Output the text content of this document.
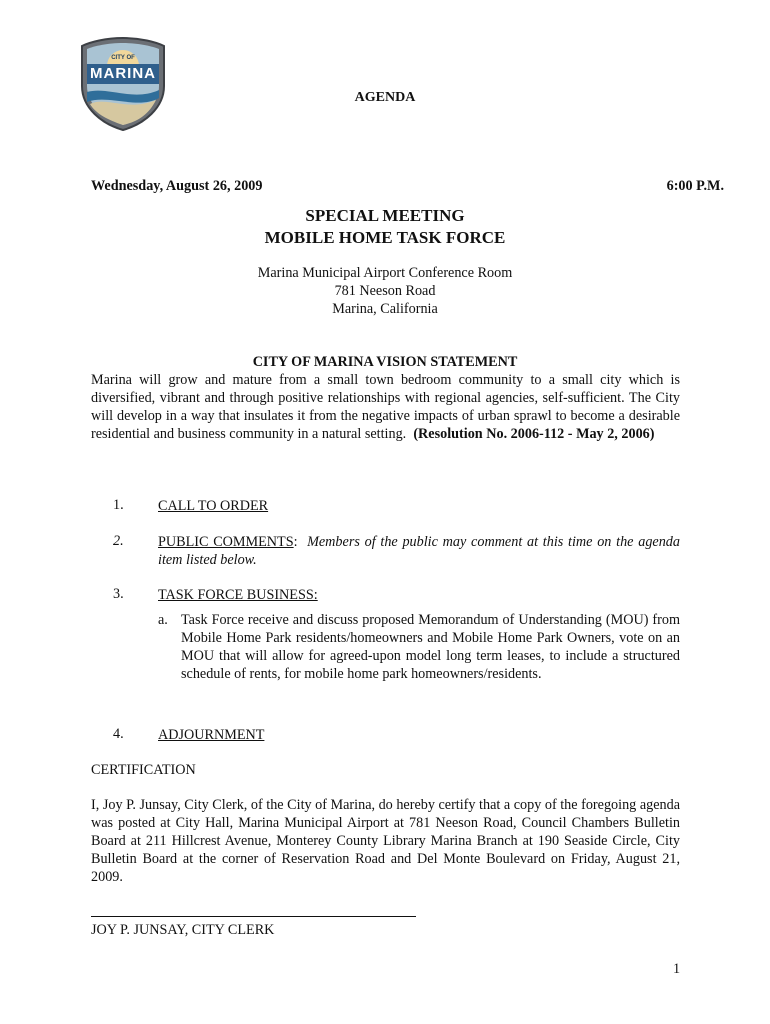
CITY OF
MARINA
AGENDA
Wednesday, August 26, 2009	6:00 P.M.
SPECIAL MEETING
MOBILE HOME TASK FORCE
Marina Municipal Airport Conference Room
781 Neeson Road
Marina, California
CITY OF MARINA VISION STATEMENT
Marina will grow and mature from a small town bedroom community to a small city which is diversified, vibrant and through positive relationships with regional agencies, self-sufficient. The City will develop in a way that insulates it from the negative impacts of urban sprawl to become a desirable residential and business community in a natural setting. (Resolution No. 2006-112 - May 2, 2006)
1. CALL TO ORDER
2. PUBLIC COMMENTS: Members of the public may comment at this time on the agenda item listed below.
3. TASK FORCE BUSINESS:
a. Task Force receive and discuss proposed Memorandum of Understanding (MOU) from Mobile Home Park residents/homeowners and Mobile Home Park Owners, vote on an MOU that will allow for agreed-upon model long term leases, to include a structured schedule of rents, for mobile home park homeowners/residents.
4. ADJOURNMENT
CERTIFICATION
I, Joy P. Junsay, City Clerk, of the City of Marina, do hereby certify that a copy of the foregoing agenda was posted at City Hall, Marina Municipal Airport at 781 Neeson Road, Council Chambers Bulletin Board at 211 Hillcrest Avenue, Monterey County Library Marina Branch at 190 Seaside Circle, City Bulletin Board at the corner of Reservation Road and Del Monte Boulevard on Friday, August 21, 2009.
JOY P. JUNSAY, CITY CLERK
1
